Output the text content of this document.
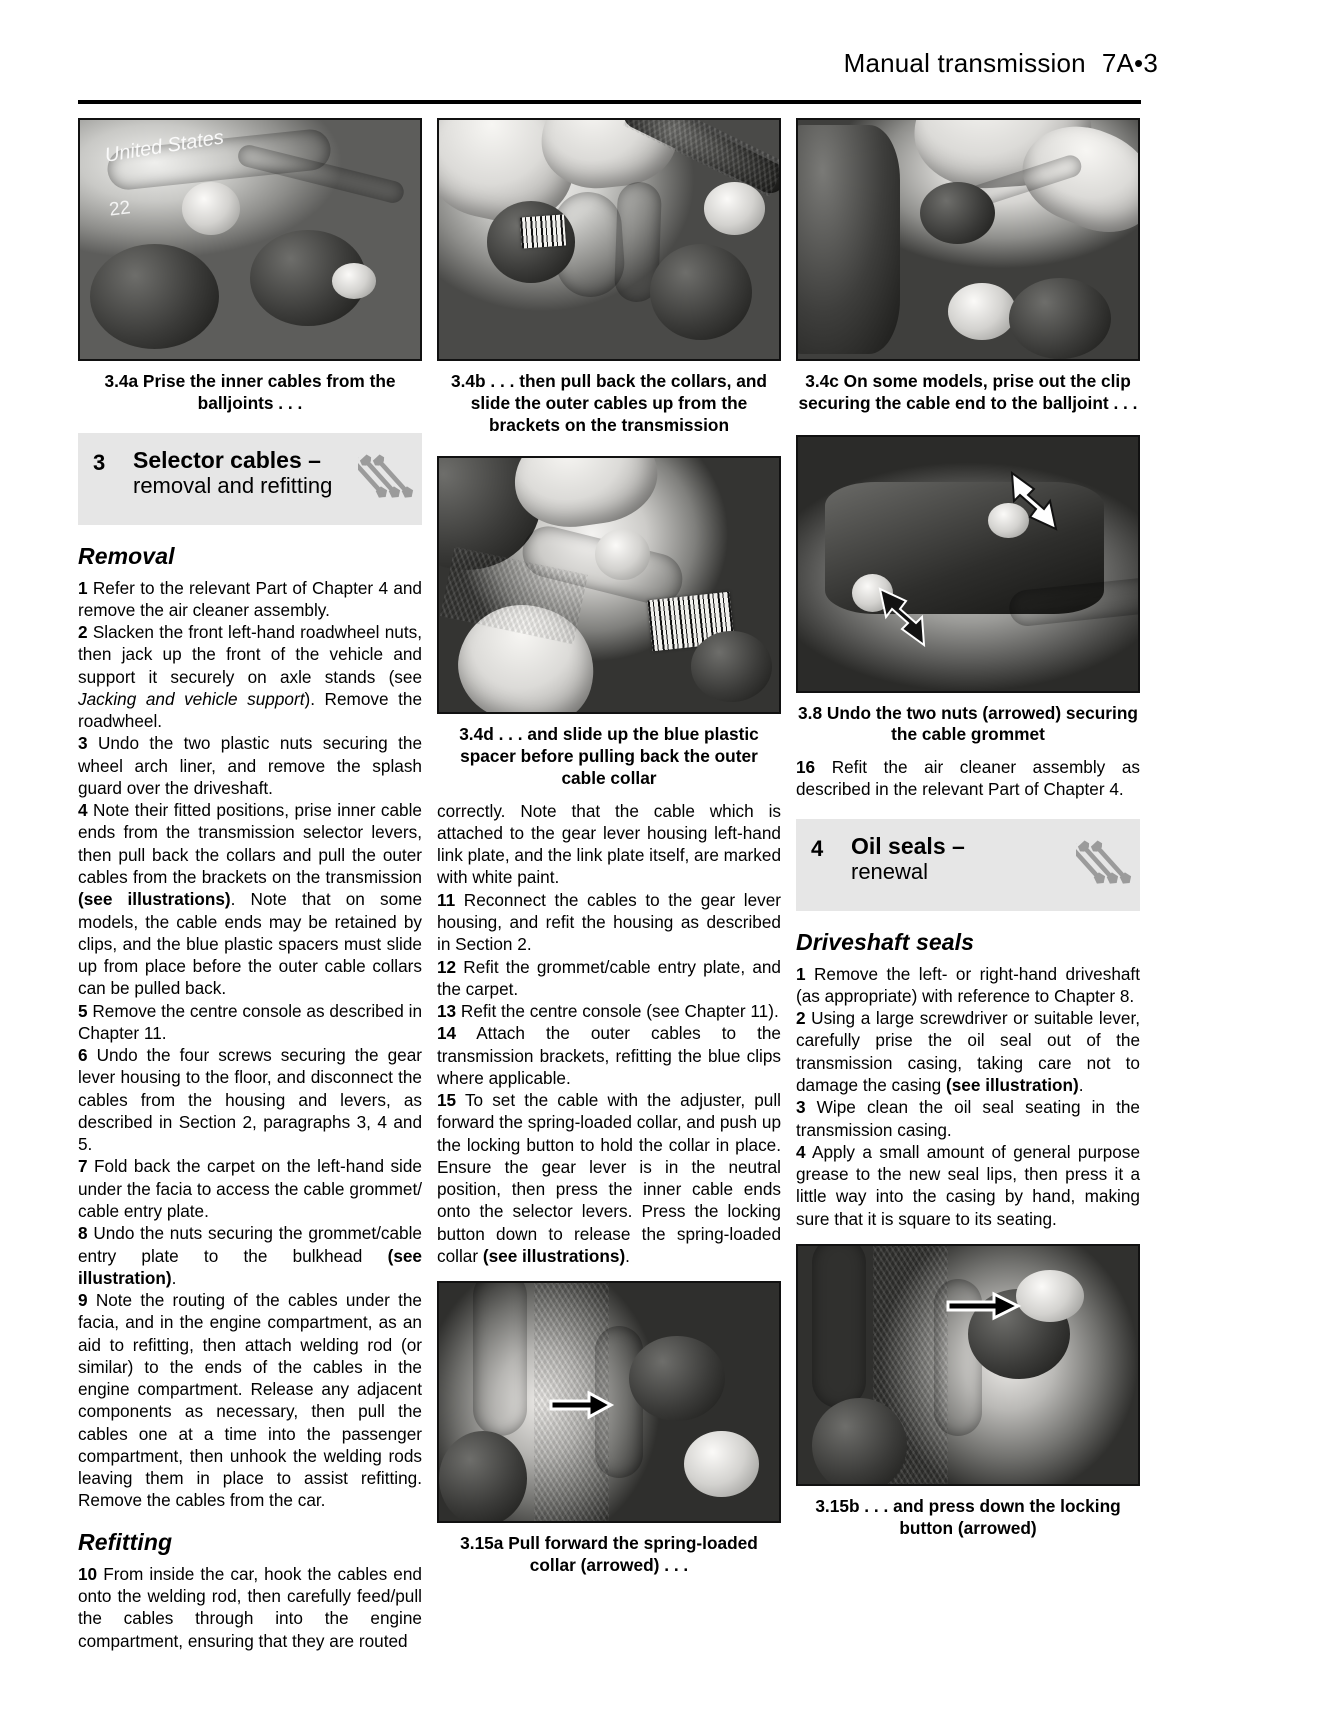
Manual transmission 7A•3
United States
22
3.4a Prise the inner cables from the balljoints . . .
3 Selector cables –
removal and refitting
Removal

1 Refer to the relevant Part of Chapter 4 and remove the air cleaner assembly.

2 Slacken the front left-hand roadwheel nuts, then jack up the front of the vehicle and support it securely on axle stands (see Jacking and vehicle support). Remove the roadwheel.

3 Undo the two plastic nuts securing the wheel arch liner, and remove the splash guard over the driveshaft.

4 Note their fitted positions, prise inner cable ends from the transmission selector levers, then pull back the collars and pull the outer cables from the brackets on the transmission (see illustrations). Note that on some models, the cable ends may be retained by clips, and the blue plastic spacers must slide up from place before the outer cable collars can be pulled back.

5 Remove the centre console as described in Chapter 11.

6 Undo the four screws securing the gear lever housing to the floor, and disconnect the cables from the housing and levers, as described in Section 2, paragraphs 3, 4 and 5.

7 Fold back the carpet on the left-hand side under the facia to access the cable grommet/ cable entry plate.

8 Undo the nuts securing the grommet/cable entry plate to the bulkhead (see illustration).

9 Note the routing of the cables under the facia, and in the engine compartment, as an aid to refitting, then attach welding rod (or similar) to the ends of the cables in the engine compartment. Release any adjacent components as necessary, then pull the cables one at a time into the passenger compartment, then unhook the welding rods leaving them in place to assist refitting. Remove the cables from the car.

Refitting

10 From inside the car, hook the cables end onto the welding rod, then carefully feed/pull the cables through into the engine compartment, ensuring that they are routed

3.4b . . . then pull back the collars, and slide the outer cables up from the brackets on the transmission
3.4d . . . and slide up the blue plastic spacer before pulling back the outer cable collar

correctly. Note that the cable which is attached to the gear lever housing left-hand link plate, and the link plate itself, are marked with white paint.

11 Reconnect the cables to the gear lever housing, and refit the housing as described in Section 2.

12 Refit the grommet/cable entry plate, and the carpet.

13 Refit the centre console (see Chapter 11).

14 Attach the outer cables to the transmission brackets, refitting the blue clips where applicable.

15 To set the cable with the adjuster, pull forward the spring-loaded collar, and push up the locking button to hold the collar in place. Ensure the gear lever is in the neutral position, then press the inner cable ends onto the selector levers. Press the locking button down to release the spring-loaded collar (see illustrations).

3.15a Pull forward the spring-loaded collar (arrowed) . . .
3.4c On some models, prise out the clip securing the cable end to the balljoint . . .
3.8 Undo the two nuts (arrowed) securing the cable grommet

16 Refit the air cleaner assembly as described in the relevant Part of Chapter 4.

4 Oil seals –
renewal
Driveshaft seals

1 Remove the left- or right-hand driveshaft (as appropriate) with reference to Chapter 8.

2 Using a large screwdriver or suitable lever, carefully prise the oil seal out of the transmission casing, taking care not to damage the casing (see illustration).

3 Wipe clean the oil seal seating in the transmission casing.

4 Apply a small amount of general purpose grease to the new seal lips, then press it a little way into the casing by hand, making sure that it is square to its seating.

3.15b . . . and press down the locking button (arrowed)
